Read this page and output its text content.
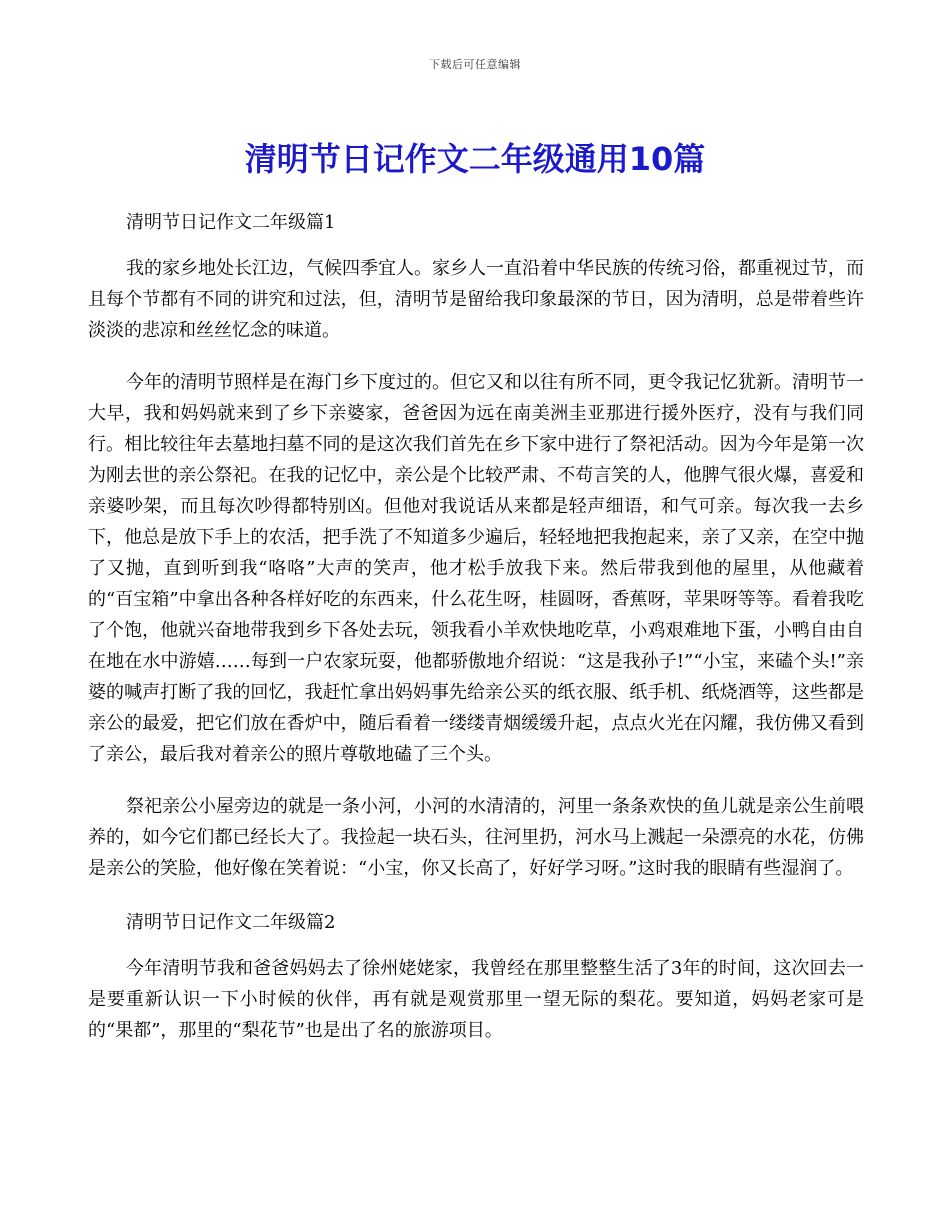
下载后可任意编辑
清明节日记作文二年级通用10篇

清明节日记作文二年级篇1

我的家乡地处长江边，气候四季宜人。家乡人一直沿着中华民族的传统习俗，都重视过节，而且每个节都有不同的讲究和过法，但，清明节是留给我印象最深的节日，因为清明，总是带着些许淡淡的悲凉和丝丝忆念的味道。

今年的清明节照样是在海门乡下度过的。但它又和以往有所不同，更令我记忆犹新。清明节一大早，我和妈妈就来到了乡下亲婆家，爸爸因为远在南美洲圭亚那进行援外医疗，没有与我们同行。相比较往年去墓地扫墓不同的是这次我们首先在乡下家中进行了祭祀活动。因为今年是第一次为刚去世的亲公祭祀。在我的记忆中，亲公是个比较严肃、不苟言笑的人，他脾气很火爆，喜爱和亲婆吵架，而且每次吵得都特别凶。但他对我说话从来都是轻声细语，和气可亲。每次我一去乡下，他总是放下手上的农活，把手洗了不知道多少遍后，轻轻地把我抱起来，亲了又亲，在空中抛了又抛，直到听到我“咯咯”大声的笑声，他才松手放我下来。然后带我到他的屋里，从他藏着的“百宝箱”中拿出各种各样好吃的东西来，什么花生呀，桂圆呀，香蕉呀，苹果呀等等。看着我吃了个饱，他就兴奋地带我到乡下各处去玩，领我看小羊欢快地吃草，小鸡艰难地下蛋，小鸭自由自在地在水中游嬉……每到一户农家玩耍，他都骄傲地介绍说：“这是我孙子!”“小宝，来磕个头!”亲婆的喊声打断了我的回忆，我赶忙拿出妈妈事先给亲公买的纸衣服、纸手机、纸烧酒等，这些都是亲公的最爱，把它们放在香炉中，随后看着一缕缕青烟缓缓升起，点点火光在闪耀，我仿佛又看到了亲公，最后我对着亲公的照片尊敬地磕了三个头。

祭祀亲公小屋旁边的就是一条小河，小河的水清清的，河里一条条欢快的鱼儿就是亲公生前喂养的，如今它们都已经长大了。我捡起一块石头，往河里扔，河水马上溅起一朵漂亮的水花，仿佛是亲公的笑脸，他好像在笑着说：“小宝，你又长高了，好好学习呀。”这时我的眼睛有些湿润了。

清明节日记作文二年级篇2

今年清明节我和爸爸妈妈去了徐州姥姥家，我曾经在那里整整生活了3年的时间，这次回去一是要重新认识一下小时候的伙伴，再有就是观赏那里一望无际的梨花。要知道，妈妈老家可是的“果都”，那里的“梨花节”也是出了名的旅游项目。
